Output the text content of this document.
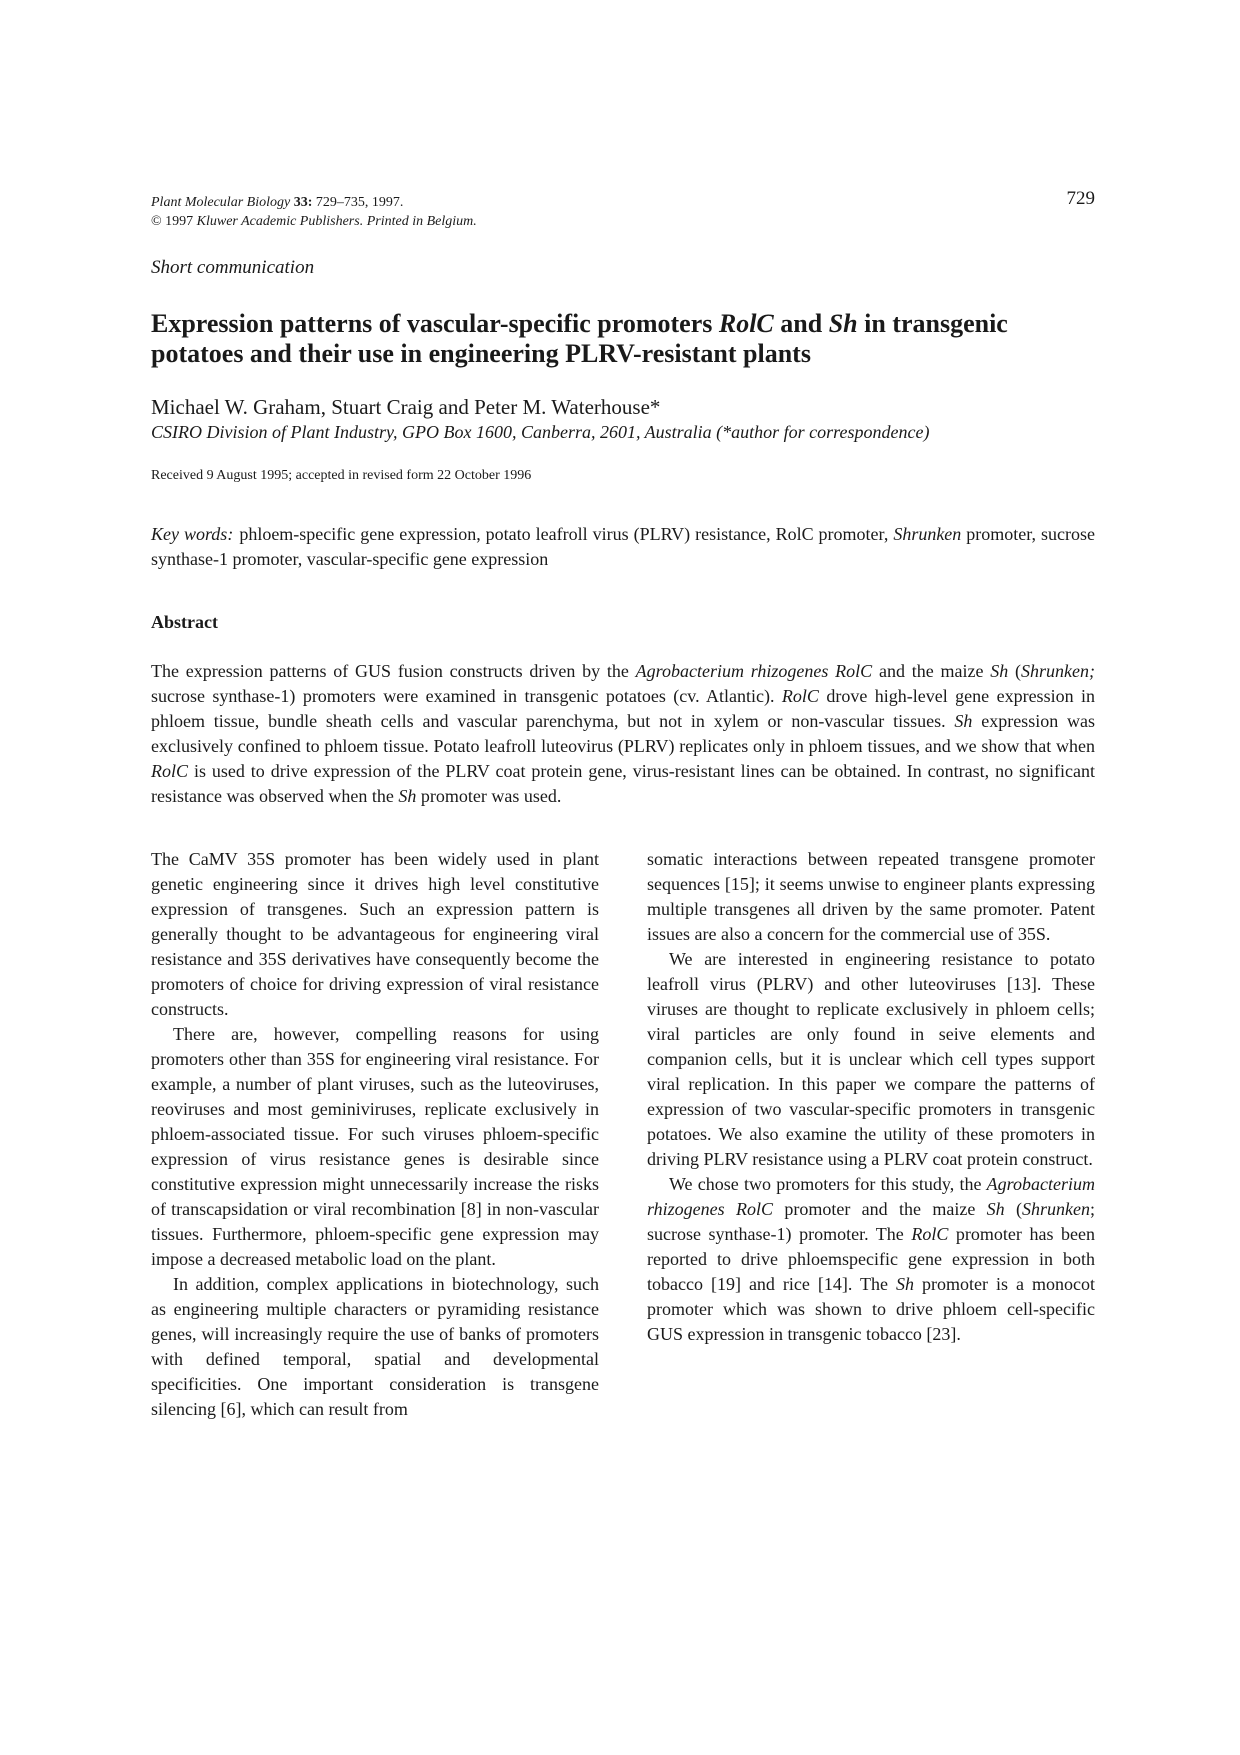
Plant Molecular Biology 33: 729–735, 1997.	729
© 1997 Kluwer Academic Publishers. Printed in Belgium.
Short communication
Expression patterns of vascular-specific promoters RolC and Sh in transgenic potatoes and their use in engineering PLRV-resistant plants
Michael W. Graham, Stuart Craig and Peter M. Waterhouse*
CSIRO Division of Plant Industry, GPO Box 1600, Canberra, 2601, Australia (*author for correspondence)
Received 9 August 1995; accepted in revised form 22 October 1996
Key words: phloem-specific gene expression, potato leafroll virus (PLRV) resistance, RolC promoter, Shrunken promoter, sucrose synthase-1 promoter, vascular-specific gene expression
Abstract
The expression patterns of GUS fusion constructs driven by the Agrobacterium rhizogenes RolC and the maize Sh (Shrunken; sucrose synthase-1) promoters were examined in transgenic potatoes (cv. Atlantic). RolC drove high-level gene expression in phloem tissue, bundle sheath cells and vascular parenchyma, but not in xylem or non-vascular tissues. Sh expression was exclusively confined to phloem tissue. Potato leafroll luteovirus (PLRV) replicates only in phloem tissues, and we show that when RolC is used to drive expression of the PLRV coat protein gene, virus-resistant lines can be obtained. In contrast, no significant resistance was observed when the Sh promoter was used.

The CaMV 35S promoter has been widely used in plant genetic engineering since it drives high level constitutive expression of transgenes. Such an expression pattern is generally thought to be advantageous for engineering viral resistance and 35S derivatives have consequently become the promoters of choice for driving expression of viral resistance constructs.

There are, however, compelling reasons for using promoters other than 35S for engineering viral resistance. For example, a number of plant viruses, such as the luteoviruses, reoviruses and most geminiviruses, replicate exclusively in phloem-associated tissue. For such viruses phloem-specific expression of virus resistance genes is desirable since constitutive expression might unnecessarily increase the risks of transcapsidation or viral recombination [8] in non-vascular tissues. Furthermore, phloem-specific gene expression may impose a decreased metabolic load on the plant.

In addition, complex applications in biotechnology, such as engineering multiple characters or pyramiding resistance genes, will increasingly require the use of banks of promoters with defined temporal, spatial and developmental specificities. One important consideration is transgene silencing [6], which can result from

somatic interactions between repeated transgene promoter sequences [15]; it seems unwise to engineer plants expressing multiple transgenes all driven by the same promoter. Patent issues are also a concern for the commercial use of 35S.

We are interested in engineering resistance to potato leafroll virus (PLRV) and other luteoviruses [13]. These viruses are thought to replicate exclusively in phloem cells; viral particles are only found in seive elements and companion cells, but it is unclear which cell types support viral replication. In this paper we compare the patterns of expression of two vascular-specific promoters in transgenic potatoes. We also examine the utility of these promoters in driving PLRV resistance using a PLRV coat protein construct.

We chose two promoters for this study, the Agrobacterium rhizogenes RolC promoter and the maize Sh (Shrunken; sucrose synthase-1) promoter. The RolC promoter has been reported to drive phloemspecific gene expression in both tobacco [19] and rice [14]. The Sh promoter is a monocot promoter which was shown to drive phloem cell-specific GUS expression in transgenic tobacco [23].
